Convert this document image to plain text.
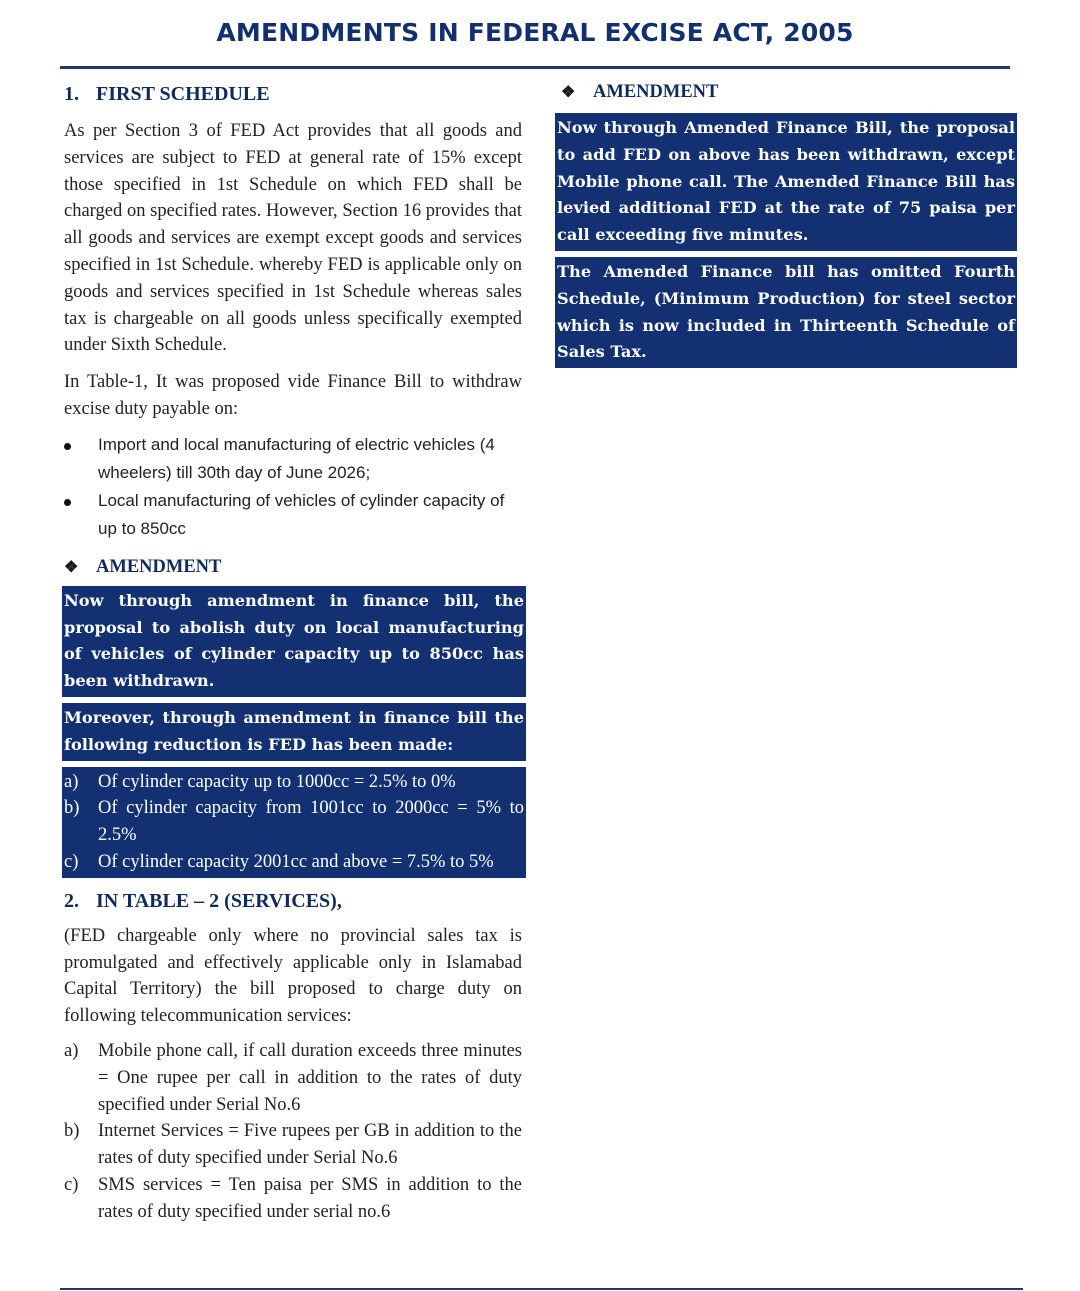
AMENDMENTS IN FEDERAL EXCISE ACT, 2005
1. FIRST SCHEDULE

As per Section 3 of FED Act provides that all goods and services are subject to FED at general rate of 15% except those specified in 1st Schedule on which FED shall be charged on specified rates. However, Section 16 provides that all goods and services are exempt except goods and services specified in 1st Schedule. whereby FED is applicable only on goods and services specified in 1st Schedule whereas sales tax is chargeable on all goods unless specifically exempted under Sixth Schedule.

In Table-1, It was proposed vide Finance Bill to withdraw excise duty payable on:

Import and local manufacturing of electric vehicles (4 wheelers) till 30th day of June 2026;
Local manufacturing of vehicles of cylinder capacity of up to 850cc
❖ AMENDMENT
Now through amendment in finance bill, the proposal to abolish duty on local manufacturing of vehicles of cylinder capacity up to 850cc has been withdrawn.
Moreover, through amendment in finance bill the following reduction is FED has been made:
a) Of cylinder capacity up to 1000cc = 2.5% to 0%
b) Of cylinder capacity from 1001cc to 2000cc = 5% to 2.5%
c) Of cylinder capacity 2001cc and above = 7.5% to 5%
2. IN TABLE – 2 (SERVICES),

(FED chargeable only where no provincial sales tax is promulgated and effectively applicable only in Islamabad Capital Territory) the bill proposed to charge duty on following telecommunication services:

a) Mobile phone call, if call duration exceeds three minutes = One rupee per call in addition to the rates of duty specified under Serial No.6
b) Internet Services = Five rupees per GB in addition to the rates of duty specified under Serial No.6
c) SMS services = Ten paisa per SMS in addition to the rates of duty specified under serial no.6
❖ AMENDMENT
Now through Amended Finance Bill, the proposal to add FED on above has been withdrawn, except Mobile phone call. The Amended Finance Bill has levied additional FED at the rate of 75 paisa per call exceeding five minutes.
The Amended Finance bill has omitted Fourth Schedule, (Minimum Production) for steel sector which is now included in Thirteenth Schedule of Sales Tax.
